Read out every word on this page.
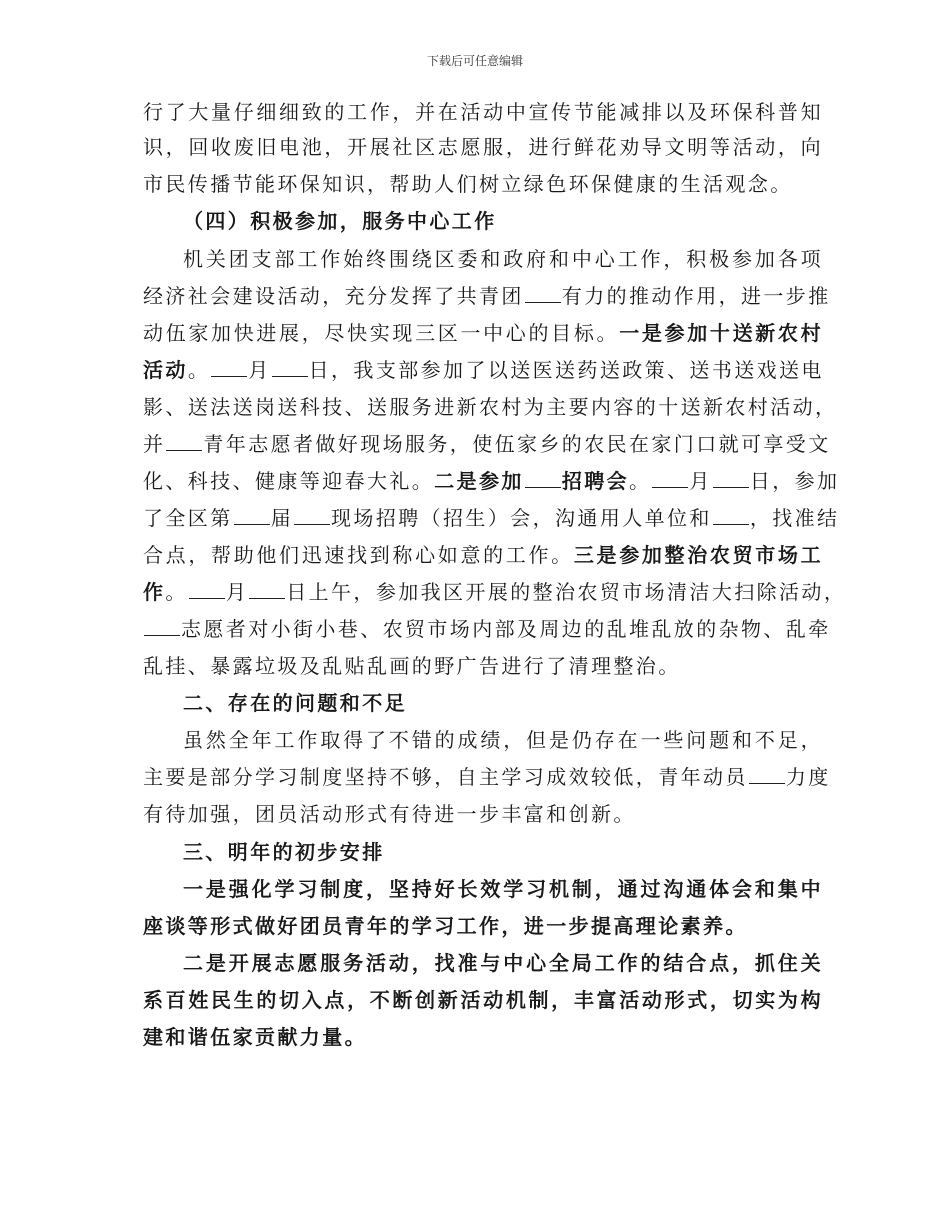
下载后可任意编辑
行了大量仔细细致的工作，并在活动中宣传节能减排以及环保科普知
识，回收废旧电池，开展社区志愿服，进行鲜花劝导文明等活动，向
市民传播节能环保知识，帮助人们树立绿色环保健康的生活观念。
（四）积极参加，服务中心工作
机关团支部工作始终围绕区委和政府和中心工作，积极参加各项
经济社会建设活动，充分发挥了共青团 有力的推动作用，进一步推
动伍家加快进展，尽快实现三区一中心的目标。一是参加十送新农村
活动。 月 日，我支部参加了以送医送药送政策、送书送戏送电
影、送法送岗送科技、送服务进新农村为主要内容的十送新农村活动，
并 青年志愿者做好现场服务，使伍家乡的农民在家门口就可享受文
化、科技、健康等迎春大礼。二是参加 招聘会。 月 日，参加
了全区第 届 现场招聘（招生）会，沟通用人单位和 ，找准结
合点，帮助他们迅速找到称心如意的工作。三是参加整治农贸市场工
作。 月 日上午，参加我区开展的整治农贸市场清洁大扫除活动，
志愿者对小街小巷、农贸市场内部及周边的乱堆乱放的杂物、乱牵
乱挂、暴露垃圾及乱贴乱画的野广告进行了清理整治。
二、存在的问题和不足
虽然全年工作取得了不错的成绩，但是仍存在一些问题和不足，
主要是部分学习制度坚持不够，自主学习成效较低，青年动员 力度
有待加强，团员活动形式有待进一步丰富和创新。
三、明年的初步安排
一是强化学习制度，坚持好长效学习机制，通过沟通体会和集中
座谈等形式做好团员青年的学习工作，进一步提高理论素养。
二是开展志愿服务活动，找准与中心全局工作的结合点，抓住关
系百姓民生的切入点，不断创新活动机制，丰富活动形式，切实为构
建和谐伍家贡献力量。
